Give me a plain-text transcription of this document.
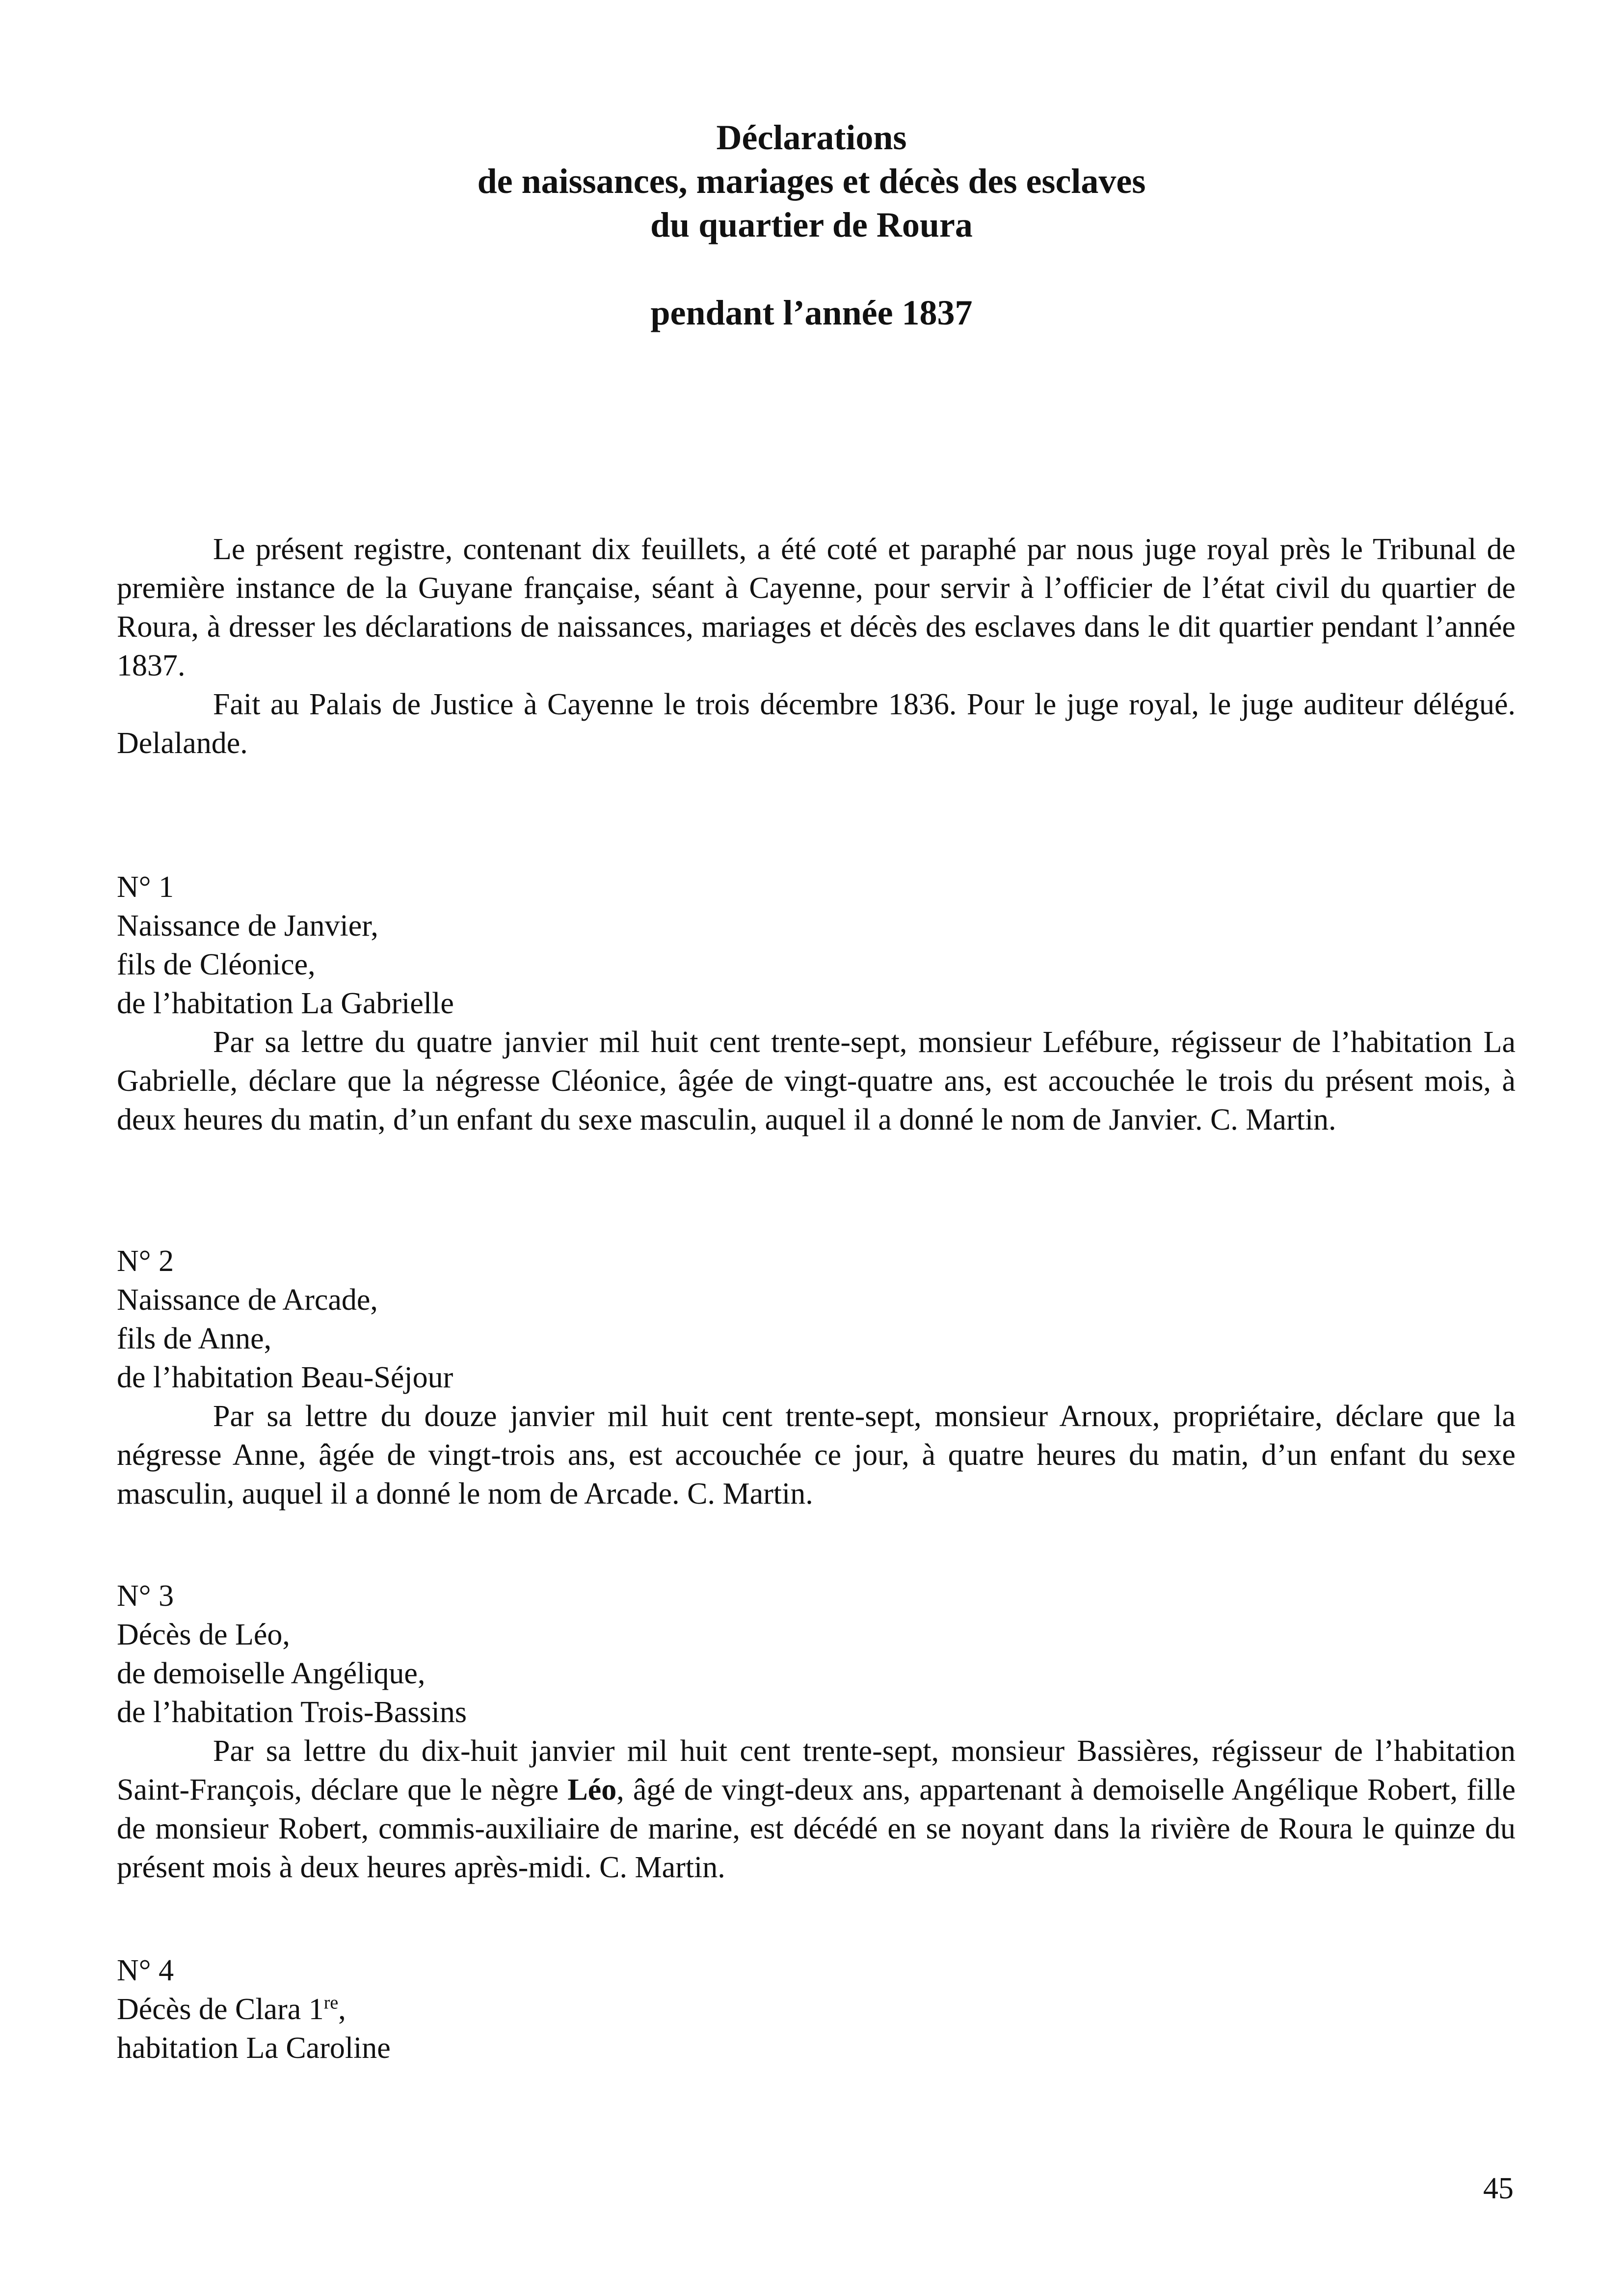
Déclarations
de naissances, mariages et décès des esclaves
du quartier de Roura
pendant l’année 1837
Le présent registre, contenant dix feuillets, a été coté et paraphé par nous juge royal près le Tribunal de première instance de la Guyane française, séant à Cayenne, pour servir à l’officier de l’état civil du quartier de Roura, à dresser les déclarations de naissances, mariages et décès des esclaves dans le dit quartier pendant l’année 1837.
Fait au Palais de Justice à Cayenne le trois décembre 1836. Pour le juge royal, le juge auditeur délégué. Delalande.
N° 1
Naissance de Janvier,
fils de Cléonice,
de l’habitation La Gabrielle
Par sa lettre du quatre janvier mil huit cent trente-sept, monsieur Lefébure, régisseur de l’habitation La Gabrielle, déclare que la négresse Cléonice, âgée de vingt-quatre ans, est accouchée le trois du présent mois, à deux heures du matin, d’un enfant du sexe masculin, auquel il a donné le nom de Janvier. C. Martin.
N° 2
Naissance de Arcade,
fils de Anne,
de l’habitation Beau-Séjour
Par sa lettre du douze janvier mil huit cent trente-sept, monsieur Arnoux, propriétaire, déclare que la négresse Anne, âgée de vingt-trois ans, est accouchée ce jour, à quatre heures du matin, d’un enfant du sexe masculin, auquel il a donné le nom de Arcade. C. Martin.
N° 3
Décès de Léo,
de demoiselle Angélique,
de l’habitation Trois-Bassins
Par sa lettre du dix-huit janvier mil huit cent trente-sept, monsieur Bassières, régisseur de l’habitation Saint-François, déclare que le nègre Léo, âgé de vingt-deux ans, appartenant à demoiselle Angélique Robert, fille de monsieur Robert, commis-auxiliaire de marine, est décédé en se noyant dans la rivière de Roura le quinze du présent mois à deux heures après-midi. C. Martin.
N° 4
Décès de Clara 1re,
habitation La Caroline
45
